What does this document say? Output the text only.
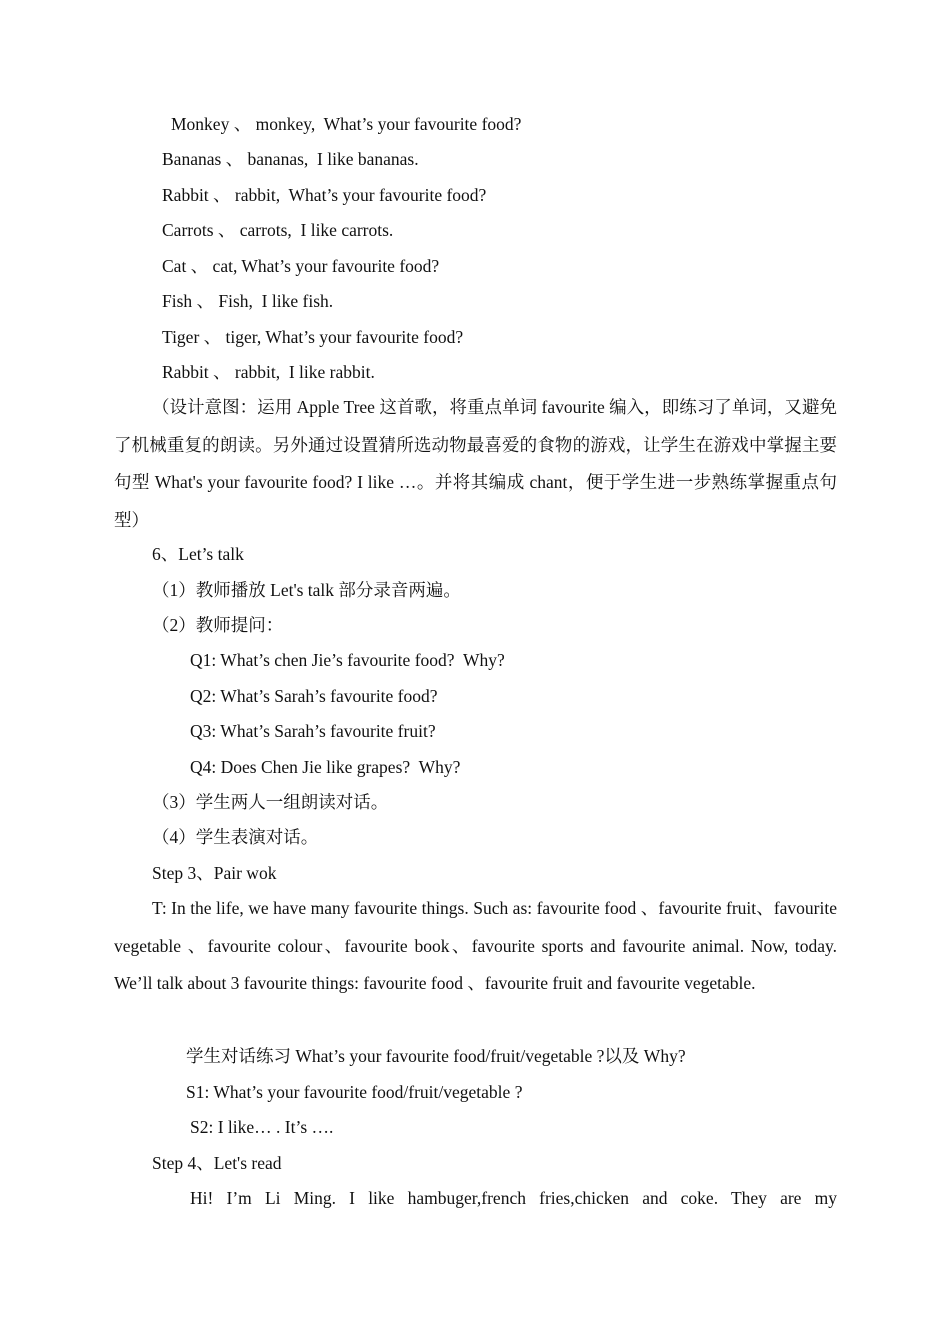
Monkey 、 monkey,  What’s your favourite food?
Bananas 、 bananas,  I like bananas.
Rabbit 、 rabbit,  What’s your favourite food?
Carrots 、 carrots,  I like carrots.
Cat 、 cat, What’s your favourite food?
Fish 、 Fish,  I like fish.
Tiger 、 tiger, What’s your favourite food?
Rabbit 、 rabbit,  I like rabbit.

（设计意图：运用 Apple Tree 这首歌，将重点单词 favourite 编入，即练习了单词，又避免了机械重复的朗读。另外通过设置猜所选动物最喜爱的食物的游戏，让学生在游戏中掌握主要句型 What's your favourite food? I like …。并将其编成 chant，便于学生进一步熟练掌握重点句型）

6、Let’s talk
（1）教师播放 Let's talk 部分录音两遍。
（2）教师提问：
Q1: What’s chen Jie’s favourite food?  Why?
Q2: What’s Sarah’s favourite food?
Q3: What’s Sarah’s favourite fruit?
Q4: Does Chen Jie like grapes?  Why?
（3）学生两人一组朗读对话。
（4）学生表演对话。
Step 3、Pair wok

T: In the life, we have many favourite things. Such as: favourite food 、favourite fruit、favourite vegetable 、favourite colour、favourite book、favourite sports and favourite animal. Now, today. We’ll talk about 3 favourite things: favourite food 、favourite fruit and favourite vegetable.

学生对话练习 What’s your favourite food/fruit/vegetable ?以及 Why?
S1: What’s your favourite food/fruit/vegetable ?
S2: I like… . It’s ….
Step 4、Let's read
Hi! I’m Li Ming. I like hambuger,french fries,chicken and coke. They are my
